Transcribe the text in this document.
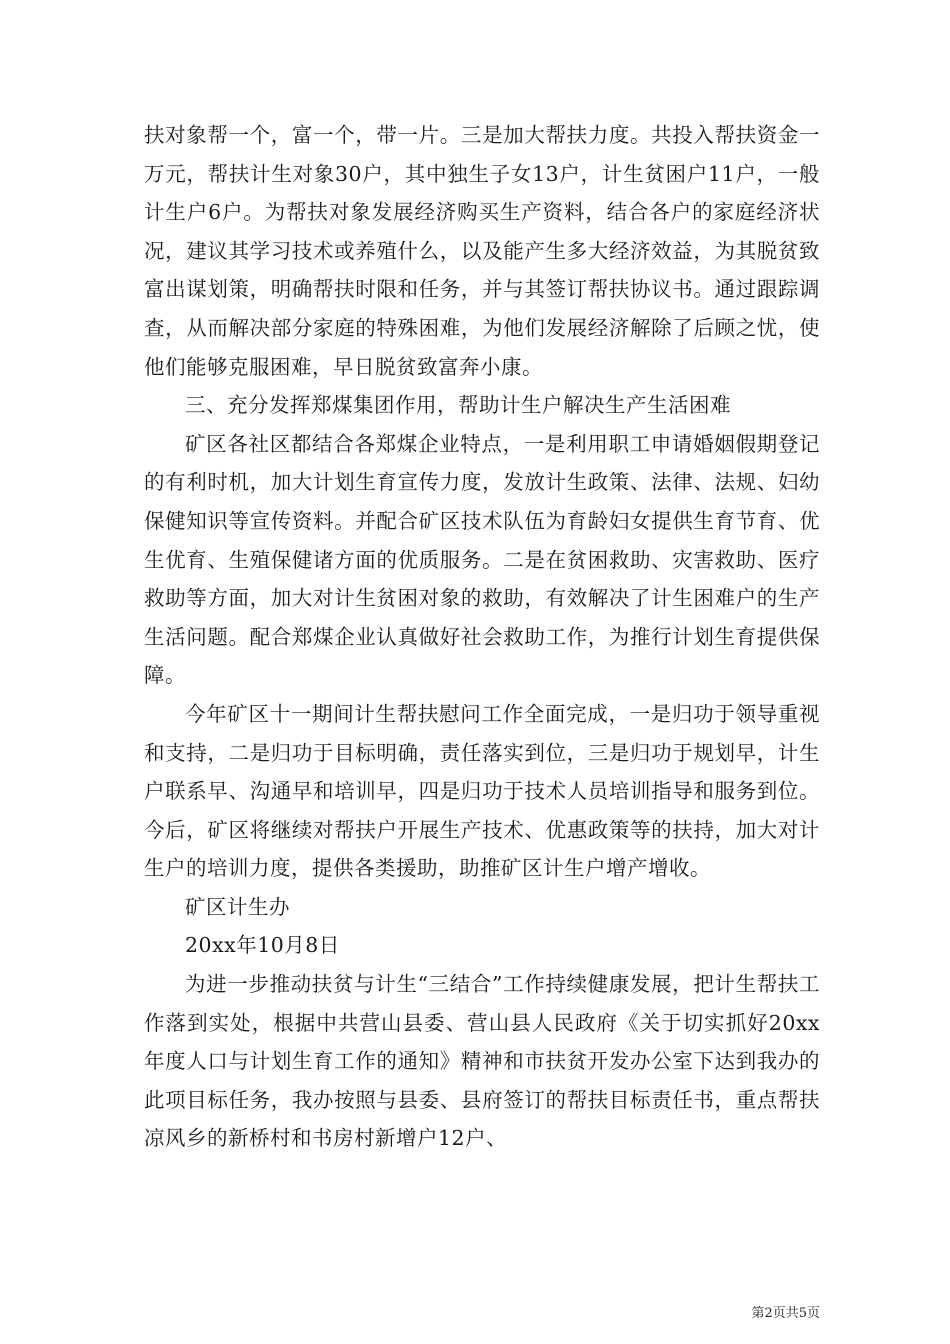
扶对象帮一个，富一个，带一片。三是加大帮扶力度。共投入帮扶资金一万元，帮扶计生对象30户，其中独生子女13户，计生贫困户11户，一般计生户6户。为帮扶对象发展经济购买生产资料，结合各户的家庭经济状况，建议其学习技术或养殖什么，以及能产生多大经济效益，为其脱贫致富出谋划策，明确帮扶时限和任务，并与其签订帮扶协议书。通过跟踪调查，从而解决部分家庭的特殊困难，为他们发展经济解除了后顾之忧，使他们能够克服困难，早日脱贫致富奔小康。

三、充分发挥郑煤集团作用，帮助计生户解决生产生活困难

矿区各社区都结合各郑煤企业特点，一是利用职工申请婚姻假期登记的有利时机，加大计划生育宣传力度，发放计生政策、法律、法规、妇幼保健知识等宣传资料。并配合矿区技术队伍为育龄妇女提供生育节育、优生优育、生殖保健诸方面的优质服务。二是在贫困救助、灾害救助、医疗救助等方面，加大对计生贫困对象的救助，有效解决了计生困难户的生产生活问题。配合郑煤企业认真做好社会救助工作，为推行计划生育提供保障。

今年矿区十一期间计生帮扶慰问工作全面完成，一是归功于领导重视和支持，二是归功于目标明确，责任落实到位，三是归功于规划早，计生户联系早、沟通早和培训早，四是归功于技术人员培训指导和服务到位。今后，矿区将继续对帮扶户开展生产技术、优惠政策等的扶持，加大对计生户的培训力度，提供各类援助，助推矿区计生户增产增收。

矿区计生办

20xx年10月8日

为进一步推动扶贫与计生“三结合”工作持续健康发展，把计生帮扶工作落到实处，根据中共营山县委、营山县人民政府《关于切实抓好20xx年度人口与计划生育工作的通知》精神和市扶贫开发办公室下达到我办的此项目标任务，我办按照与县委、县府签订的帮扶目标责任书，重点帮扶凉风乡的新桥村和书房村新增户12户、

第2页共5页
